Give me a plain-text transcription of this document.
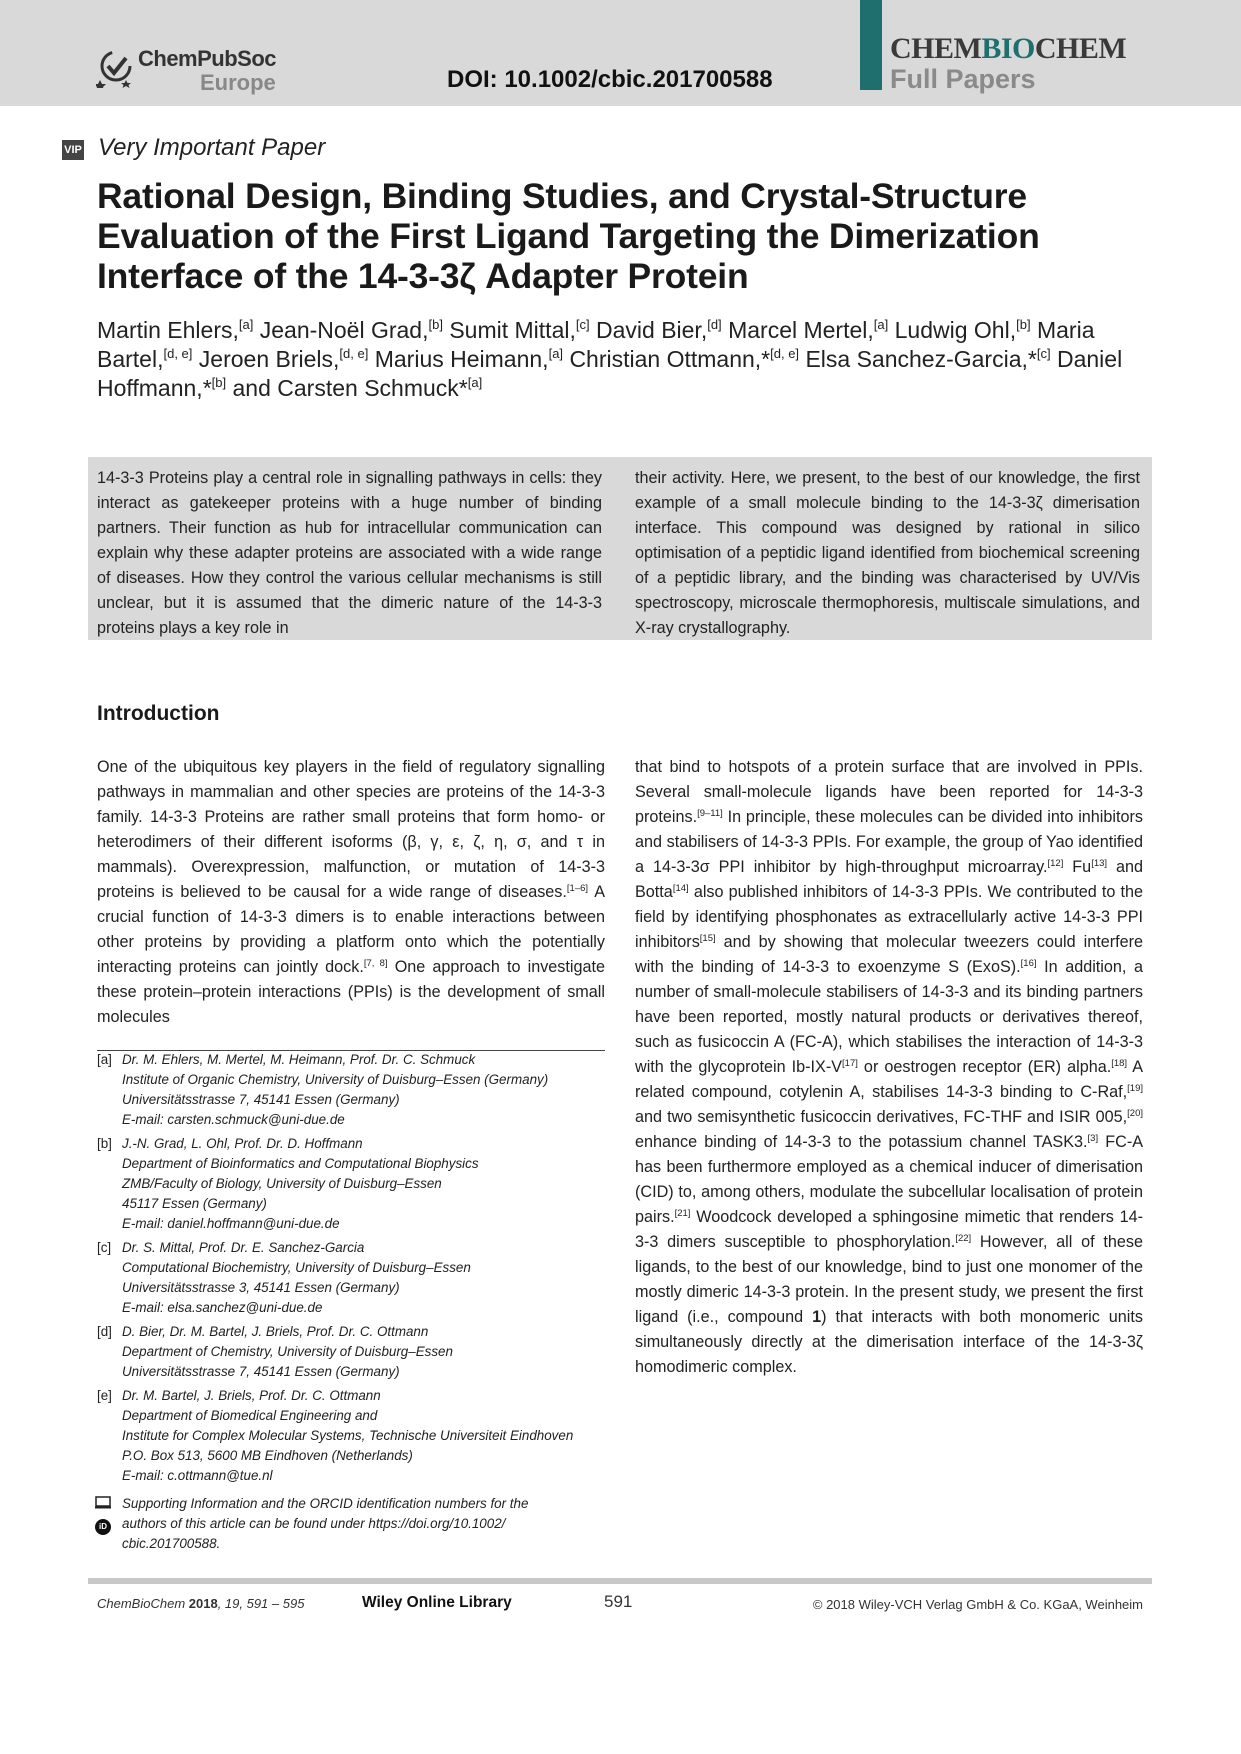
ChemPubSoc
Europe	DOI: 10.1002/cbic.201700588
CHEMBIOCHEM
Full Papers
VIP Very Important Paper
Rational Design, Binding Studies, and Crystal-Structure Evaluation of the First Ligand Targeting the Dimerization Interface of the 14-3-3ζ Adapter Protein

Martin Ehlers,[a] Jean-Noël Grad,[b] Sumit Mittal,[c] David Bier,[d] Marcel Mertel,[a] Ludwig Ohl,[b] Maria Bartel,[d, e] Jeroen Briels,[d, e] Marius Heimann,[a] Christian Ottmann,*[d, e] Elsa Sanchez-Garcia,*[c] Daniel Hoffmann,*[b] and Carsten Schmuck*[a]

14-3-3 Proteins play a central role in signalling pathways in cells: they interact as gatekeeper proteins with a huge number of binding partners. Their function as hub for intracellular communication can explain why these adapter proteins are associated with a wide range of diseases. How they control the various cellular mechanisms is still unclear, but it is assumed that the dimeric nature of the 14-3-3 proteins plays a key role in

their activity. Here, we present, to the best of our knowledge, the first example of a small molecule binding to the 14-3-3ζ dimerisation interface. This compound was designed by rational in silico optimisation of a peptidic ligand identified from biochemical screening of a peptidic library, and the binding was characterised by UV/Vis spectroscopy, microscale thermophoresis, multiscale simulations, and X-ray crystallography.

Introduction

One of the ubiquitous key players in the field of regulatory signalling pathways in mammalian and other species are proteins of the 14-3-3 family. 14-3-3 Proteins are rather small proteins that form homo- or heterodimers of their different isoforms (β, γ, ε, ζ, η, σ, and τ in mammals). Overexpression, malfunction, or mutation of 14-3-3 proteins is believed to be causal for a wide range of diseases.[1–6] A crucial function of 14-3-3 dimers is to enable interactions between other proteins by providing a platform onto which the potentially interacting proteins can jointly dock.[7, 8] One approach to investigate these protein–protein interactions (PPIs) is the development of small molecules

that bind to hotspots of a protein surface that are involved in PPIs. Several small-molecule ligands have been reported for 14-3-3 proteins.[9–11] In principle, these molecules can be divided into inhibitors and stabilisers of 14-3-3 PPIs. For example, the group of Yao identified a 14-3-3σ PPI inhibitor by high-throughput microarray.[12] Fu[13] and Botta[14] also published inhibitors of 14-3-3 PPIs. We contributed to the field by identifying phosphonates as extracellularly active 14-3-3 PPI inhibitors[15] and by showing that molecular tweezers could interfere with the binding of 14-3-3 to exoenzyme S (ExoS).[16] In addition, a number of small-molecule stabilisers of 14-3-3 and its binding partners have been reported, mostly natural products or derivatives thereof, such as fusicoccin A (FC-A), which stabilises the interaction of 14-3-3 with the glycoprotein Ib-IX-V[17] or oestrogen receptor (ER) alpha.[18] A related compound, cotylenin A, stabilises 14-3-3 binding to C-Raf,[19] and two semisynthetic fusicoccin derivatives, FC-THF and ISIR 005,[20] enhance binding of 14-3-3 to the potassium channel TASK3.[3] FC-A has been furthermore employed as a chemical inducer of dimerisation (CID) to, among others, modulate the subcellular localisation of protein pairs.[21] Woodcock developed a sphingosine mimetic that renders 14-3-3 dimers susceptible to phosphorylation.[22] However, all of these ligands, to the best of our knowledge, bind to just one monomer of the mostly dimeric 14-3-3 protein. In the present study, we present the first ligand (i.e., compound 1) that interacts with both monomeric units simultaneously directly at the dimerisation interface of the 14-3-3ζ homodimeric complex.

[a] Dr. M. Ehlers, M. Mertel, M. Heimann, Prof. Dr. C. Schmuck
Institute of Organic Chemistry, University of Duisburg–Essen (Germany)
Universitätsstrasse 7, 45141 Essen (Germany)
E-mail: carsten.schmuck@uni-due.de
[b] J.-N. Grad, L. Ohl, Prof. Dr. D. Hoffmann
Department of Bioinformatics and Computational Biophysics
ZMB/Faculty of Biology, University of Duisburg–Essen
45117 Essen (Germany)
E-mail: daniel.hoffmann@uni-due.de
[c] Dr. S. Mittal, Prof. Dr. E. Sanchez-Garcia
Computational Biochemistry, University of Duisburg–Essen
Universitätsstrasse 3, 45141 Essen (Germany)
E-mail: elsa.sanchez@uni-due.de
[d] D. Bier, Dr. M. Bartel, J. Briels, Prof. Dr. C. Ottmann
Department of Chemistry, University of Duisburg–Essen
Universitätsstrasse 7, 45141 Essen (Germany)
[e] Dr. M. Bartel, J. Briels, Prof. Dr. C. Ottmann
Department of Biomedical Engineering and
Institute for Complex Molecular Systems, Technische Universiteit Eindhoven
P.O. Box 513, 5600 MB Eindhoven (Netherlands)
E-mail: c.ottmann@tue.nl
iD
Supporting Information and the ORCID identification numbers for the
authors of this article can be found under https://doi.org/10.1002/
cbic.201700588.
ChemBioChem 2018, 19, 591 – 595	Wiley Online Library	591	© 2018 Wiley-VCH Verlag GmbH & Co. KGaA, Weinheim
